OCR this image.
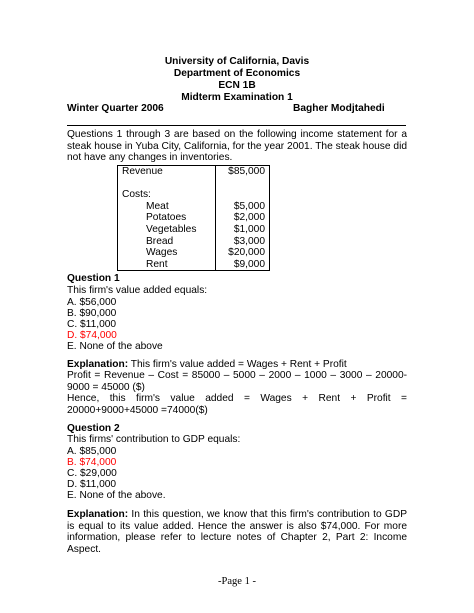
University of California, Davis
Department of Economics
ECN 1B
Midterm Examination 1
Winter Quarter 2006	Bagher Modjtahedi
Questions 1 through 3 are based on the following income statement for a steak house in Yuba City, California, for the year 2001. The steak house did not have any changes in inventories.
Revenue	$85,000

Costs:	
Meat	$5,000
Potatoes	$2,000
Vegetables	$1,000
Bread	$3,000
Wages	$20,000
Rent	$9,000
Question 1
This firm's value added equals:
A. $56,000
B. $90,000
C. $11,000
D. $74,000
E. None of the above
Explanation: This firm's value added = Wages + Rent + Profit
Profit = Revenue – Cost = 85000 – 5000 – 2000 – 1000 – 3000 – 20000- 9000 = 45000 ($)
Hence, this firm's value added = Wages + Rent + Profit = 20000+9000+45000 =74000($)
Question 2
This firms' contribution to GDP equals:
A. $85,000
B. $74,000
C. $29,000
D. $11,000
E. None of the above.
Explanation: In this question, we know that this firm's contribution to GDP is equal to its value added. Hence the answer is also $74,000. For more information, please refer to lecture notes of Chapter 2, Part 2: Income Aspect.
-Page 1 -
